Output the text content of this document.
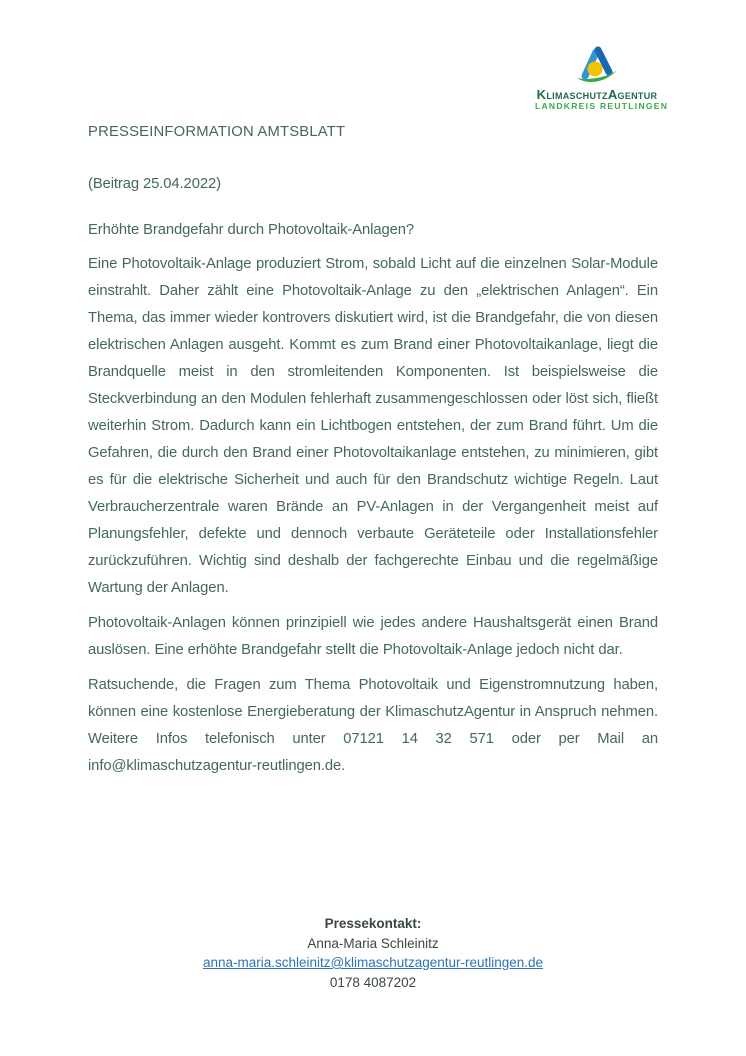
KlimaschutzAgentur
LANDKREIS REUTLINGEN

PRESSEINFORMATION AMTSBLATT

(Beitrag 25.04.2022)

Erhöhte Brandgefahr durch Photovoltaik-Anlagen?

Eine Photovoltaik-Anlage produziert Strom, sobald Licht auf die einzelnen Solar-Module einstrahlt. Daher zählt eine Photovoltaik-Anlage zu den „elektrischen Anlagen“. Ein Thema, das immer wieder kontrovers diskutiert wird, ist die Brandgefahr, die von diesen elektrischen Anlagen ausgeht. Kommt es zum Brand einer Photovoltaikanlage, liegt die Brandquelle meist in den stromleitenden Komponenten. Ist beispielsweise die Steckverbindung an den Modulen fehlerhaft zusammengeschlossen oder löst sich, fließt weiterhin Strom. Dadurch kann ein Lichtbogen entstehen, der zum Brand führt. Um die Gefahren, die durch den Brand einer Photovoltaikanlage entstehen, zu minimieren, gibt es für die elektrische Sicherheit und auch für den Brandschutz wichtige Regeln. Laut Verbraucherzentrale waren Brände an PV-Anlagen in der Vergangenheit meist auf Planungsfehler, defekte und dennoch verbaute Geräteteile oder Installationsfehler zurückzuführen. Wichtig sind deshalb der fachgerechte Einbau und die regelmäßige Wartung der Anlagen.

Photovoltaik-Anlagen können prinzipiell wie jedes andere Haushaltsgerät einen Brand auslösen. Eine erhöhte Brandgefahr stellt die Photovoltaik-Anlage jedoch nicht dar.

Ratsuchende, die Fragen zum Thema Photovoltaik und Eigenstromnutzung haben, können eine kostenlose Energieberatung der KlimaschutzAgentur in Anspruch nehmen. Weitere Infos telefonisch unter 07121 14 32 571 oder per Mail an info@klimaschutzagentur-reutlingen.de.

Pressekontakt:
Anna-Maria Schleinitz
anna-maria.schleinitz@klimaschutzagentur-reutlingen.de
0178 4087202
